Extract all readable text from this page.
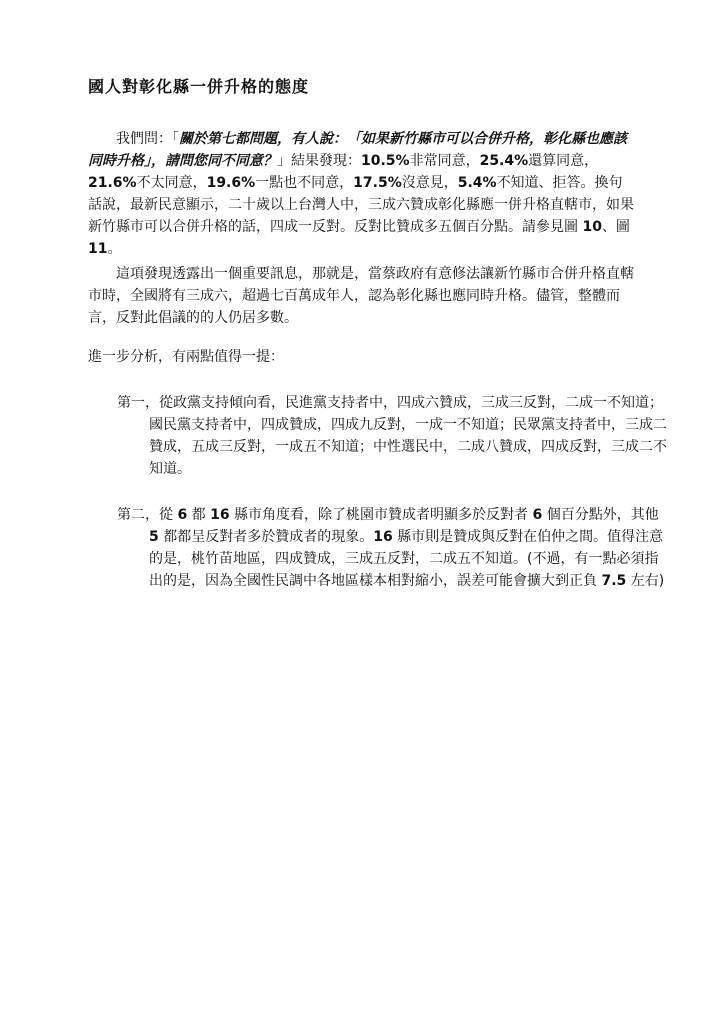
國人對彰化縣一併升格的態度

我們問：「關於第七都問題，有人說：「如果新竹縣市可以合併升格，彰化縣也應該同時升格」，請問您同不同意？」結果發現：10.5%非常同意，25.4%還算同意，21.6%不太同意，19.6%一點也不同意，17.5%沒意見，5.4%不知道、拒答。換句話說，最新民意顯示，二十歲以上台灣人中，三成六贊成彰化縣應一併升格直轄市，如果新竹縣市可以合併升格的話，四成一反對。反對比贊成多五個百分點。請參見圖 10、圖 11。

這項發現透露出一個重要訊息，那就是，當蔡政府有意修法讓新竹縣市合併升格直轄市時，全國將有三成六，超過七百萬成年人，認為彰化縣也應同時升格。儘管，整體而言，反對此倡議的的人仍居多數。

進一步分析，有兩點值得一提：

第一，從政黨支持傾向看，民進黨支持者中，四成六贊成，三成三反對，二成一不知道；國民黨支持者中，四成贊成，四成九反對，一成一不知道；民眾黨支持者中，三成二贊成，五成三反對，一成五不知道；中性選民中，二成八贊成，四成反對，三成二不知道。

第二，從 6 都 16 縣市角度看，除了桃園市贊成者明顯多於反對者 6 個百分點外，其他 5 都都呈反對者多於贊成者的現象。16 縣市則是贊成與反對在伯仲之間。值得注意的是，桃竹苗地區，四成贊成，三成五反對，二成五不知道。(不過，有一點必須指出的是，因為全國性民調中各地區樣本相對縮小，誤差可能會擴大到正負 7.5 左右)
